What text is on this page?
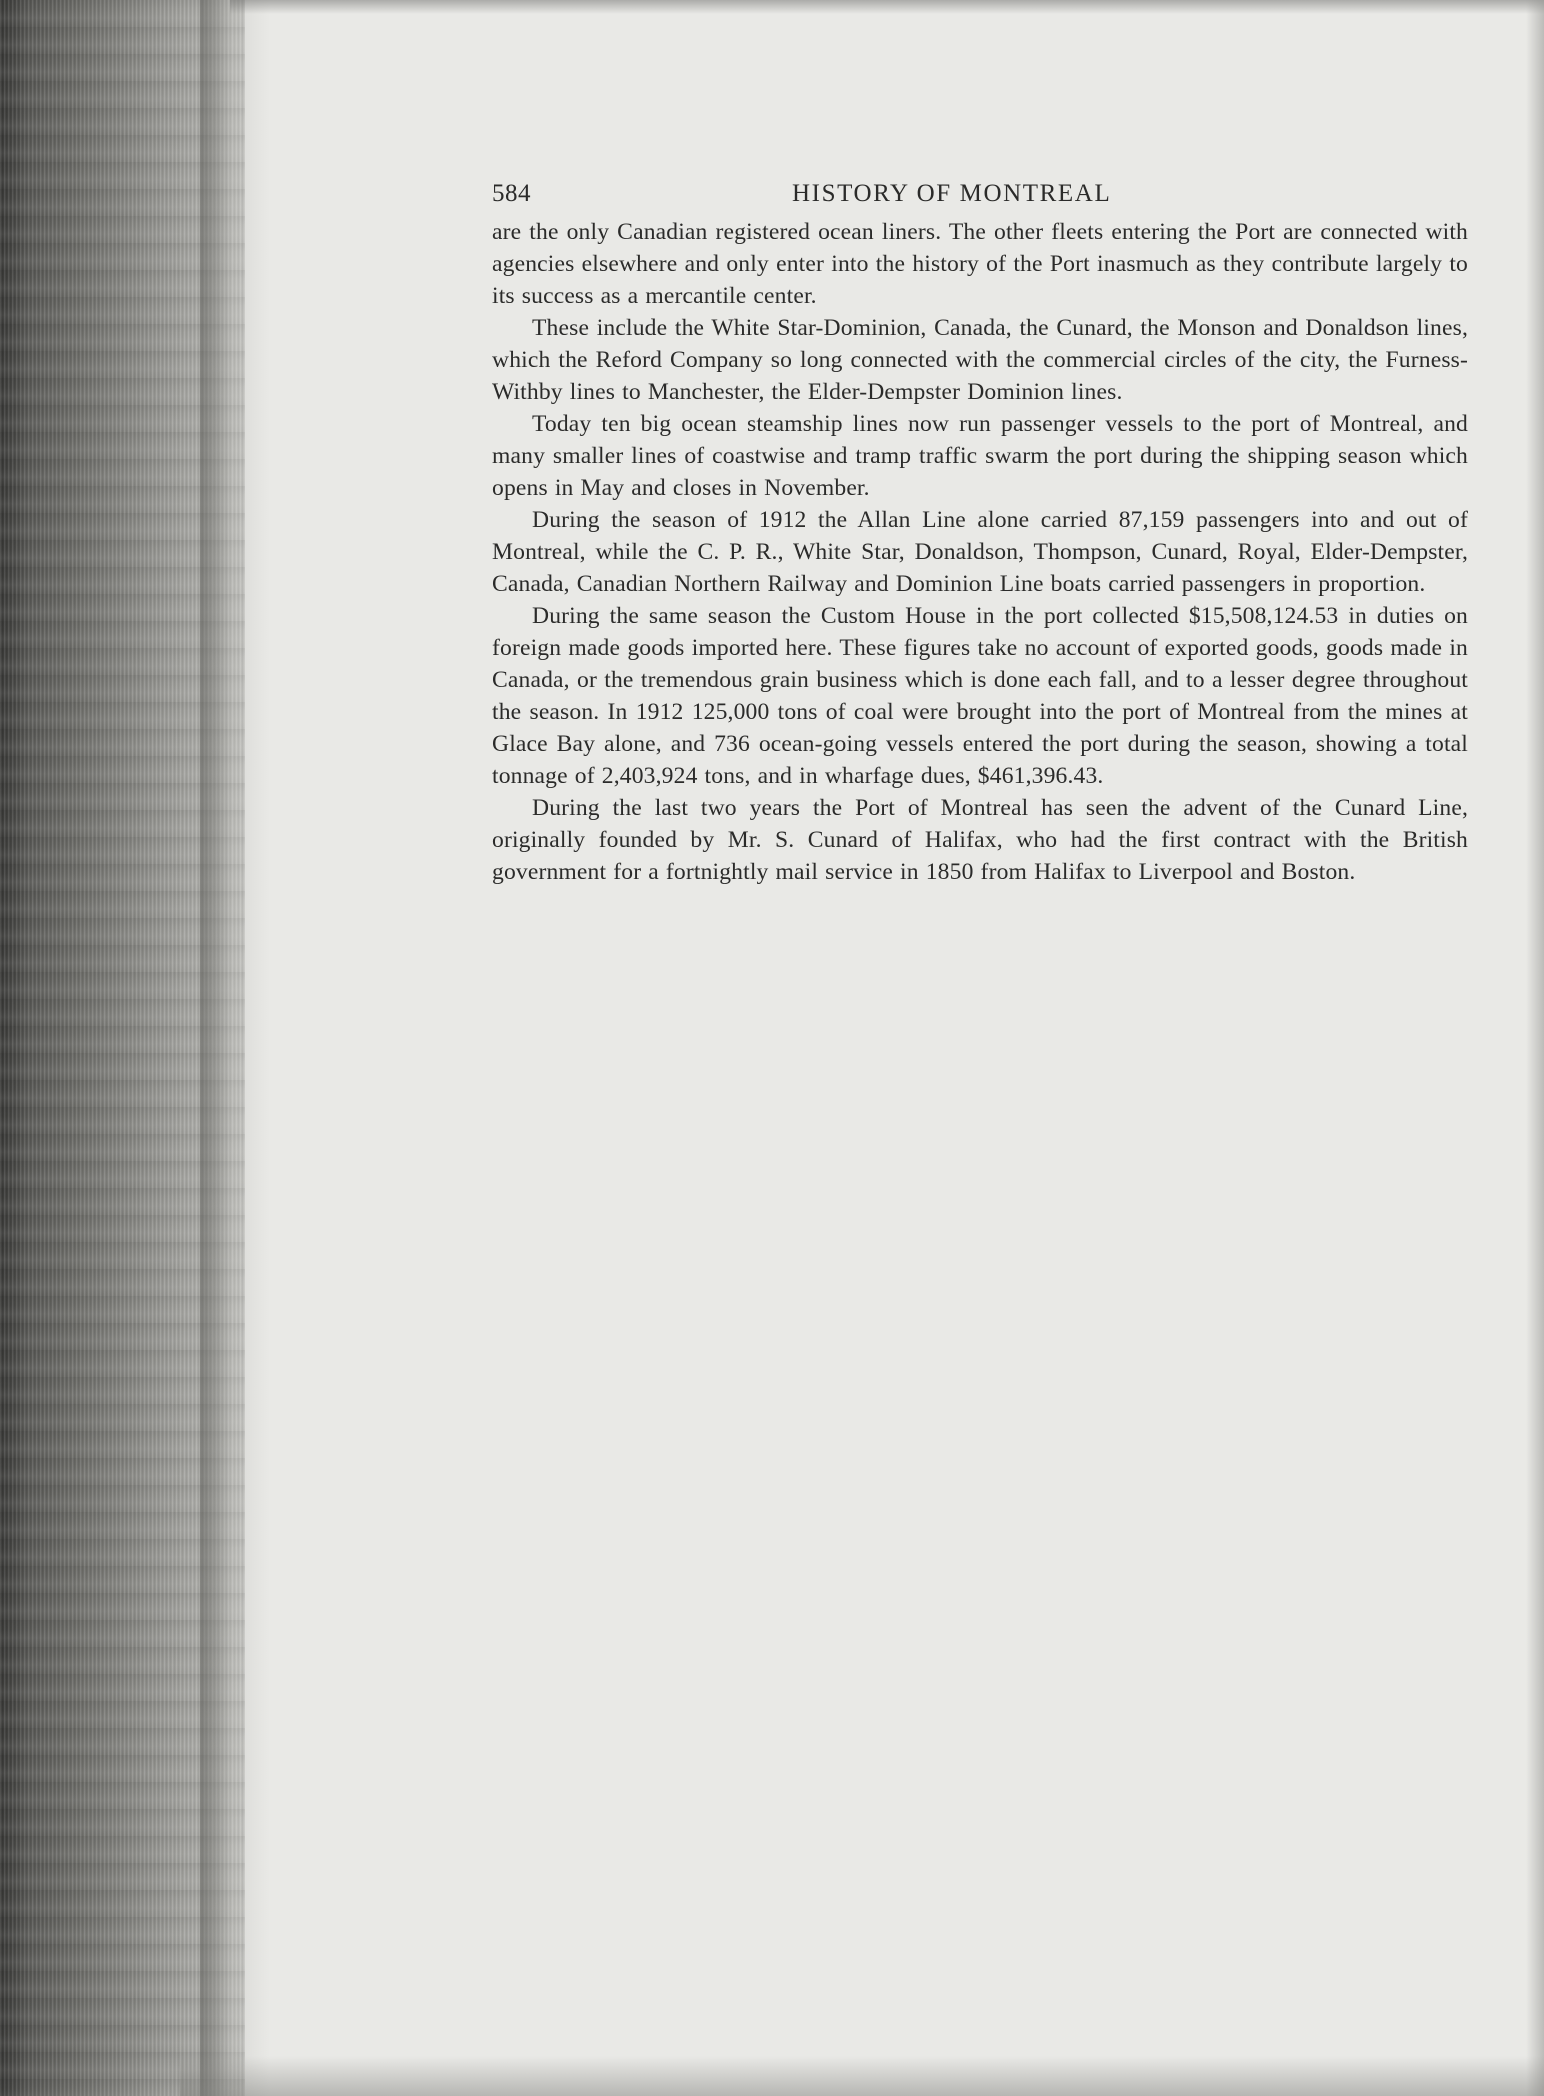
584	HISTORY OF MONTREAL

are the only Canadian registered ocean liners. The other fleets entering the Port are connected with agencies elsewhere and only enter into the history of the Port inasmuch as they contribute largely to its success as a mercantile center.

These include the White Star-Dominion, Canada, the Cunard, the Monson and Donaldson lines, which the Reford Company so long connected with the commercial circles of the city, the Furness-Withby lines to Manchester, the Elder-Dempster Dominion lines.

Today ten big ocean steamship lines now run passenger vessels to the port of Montreal, and many smaller lines of coastwise and tramp traffic swarm the port during the shipping season which opens in May and closes in November.

During the season of 1912 the Allan Line alone carried 87,159 passengers into and out of Montreal, while the C. P. R., White Star, Donaldson, Thompson, Cunard, Royal, Elder-Dempster, Canada, Canadian Northern Railway and Dominion Line boats carried passengers in proportion.

During the same season the Custom House in the port collected $15,508,124.53 in duties on foreign made goods imported here. These figures take no account of exported goods, goods made in Canada, or the tremendous grain business which is done each fall, and to a lesser degree throughout the season. In 1912 125,000 tons of coal were brought into the port of Montreal from the mines at Glace Bay alone, and 736 ocean-going vessels entered the port during the season, showing a total tonnage of 2,403,924 tons, and in wharfage dues, $461,396.43.

During the last two years the Port of Montreal has seen the advent of the Cunard Line, originally founded by Mr. S. Cunard of Halifax, who had the first contract with the British government for a fortnightly mail service in 1850 from Halifax to Liverpool and Boston.
